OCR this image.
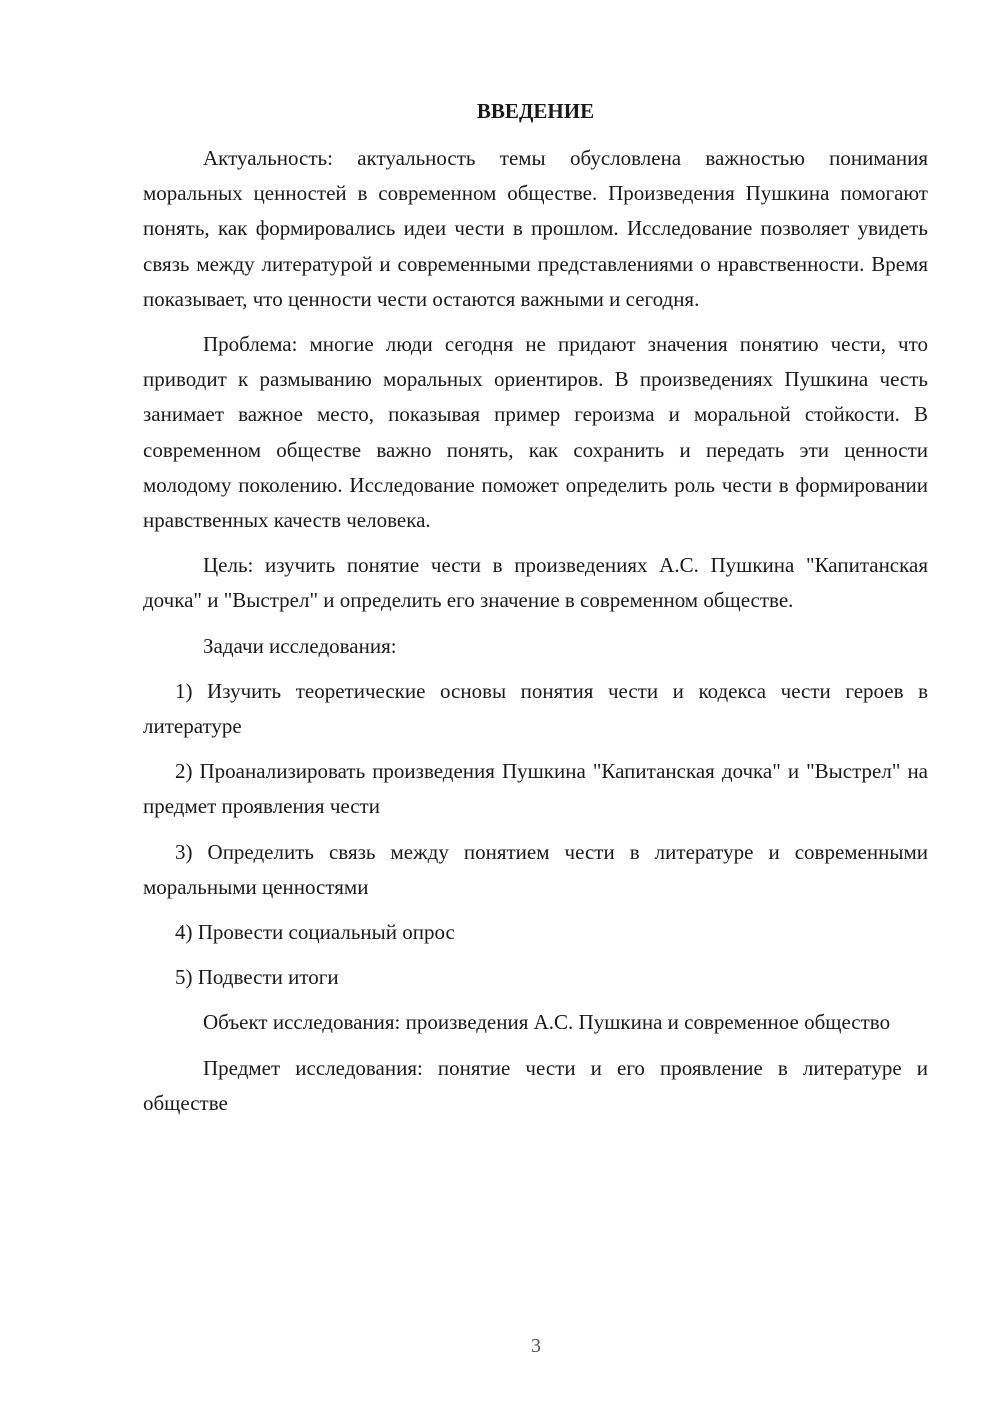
ВВЕДЕНИЕ

Актуальность: актуальность темы обусловлена важностью понимания моральных ценностей в современном обществе. Произведения Пушкина помогают понять, как формировались идеи чести в прошлом. Исследование позволяет увидеть связь между литературой и современными представлениями о нравственности. Время показывает, что ценности чести остаются важными и сегодня.

Проблема: многие люди сегодня не придают значения понятию чести, что приводит к размыванию моральных ориентиров. В произведениях Пушкина честь занимает важное место, показывая пример героизма и моральной стойкости. В современном обществе важно понять, как сохранить и передать эти ценности молодому поколению. Исследование поможет определить роль чести в формировании нравственных качеств человека.

Цель: изучить понятие чести в произведениях А.С. Пушкина "Капитанская дочка" и "Выстрел" и определить его значение в современном обществе.

Задачи исследования:

1) Изучить теоретические основы понятия чести и кодекса чести героев в литературе

2) Проанализировать произведения Пушкина "Капитанская дочка" и "Выстрел" на предмет проявления чести

3) Определить связь между понятием чести в литературе и современными моральными ценностями

4) Провести социальный опрос

5) Подвести итоги

Объект исследования: произведения А.С. Пушкина и современное общество

Предмет исследования: понятие чести и его проявление в литературе и обществе

3
